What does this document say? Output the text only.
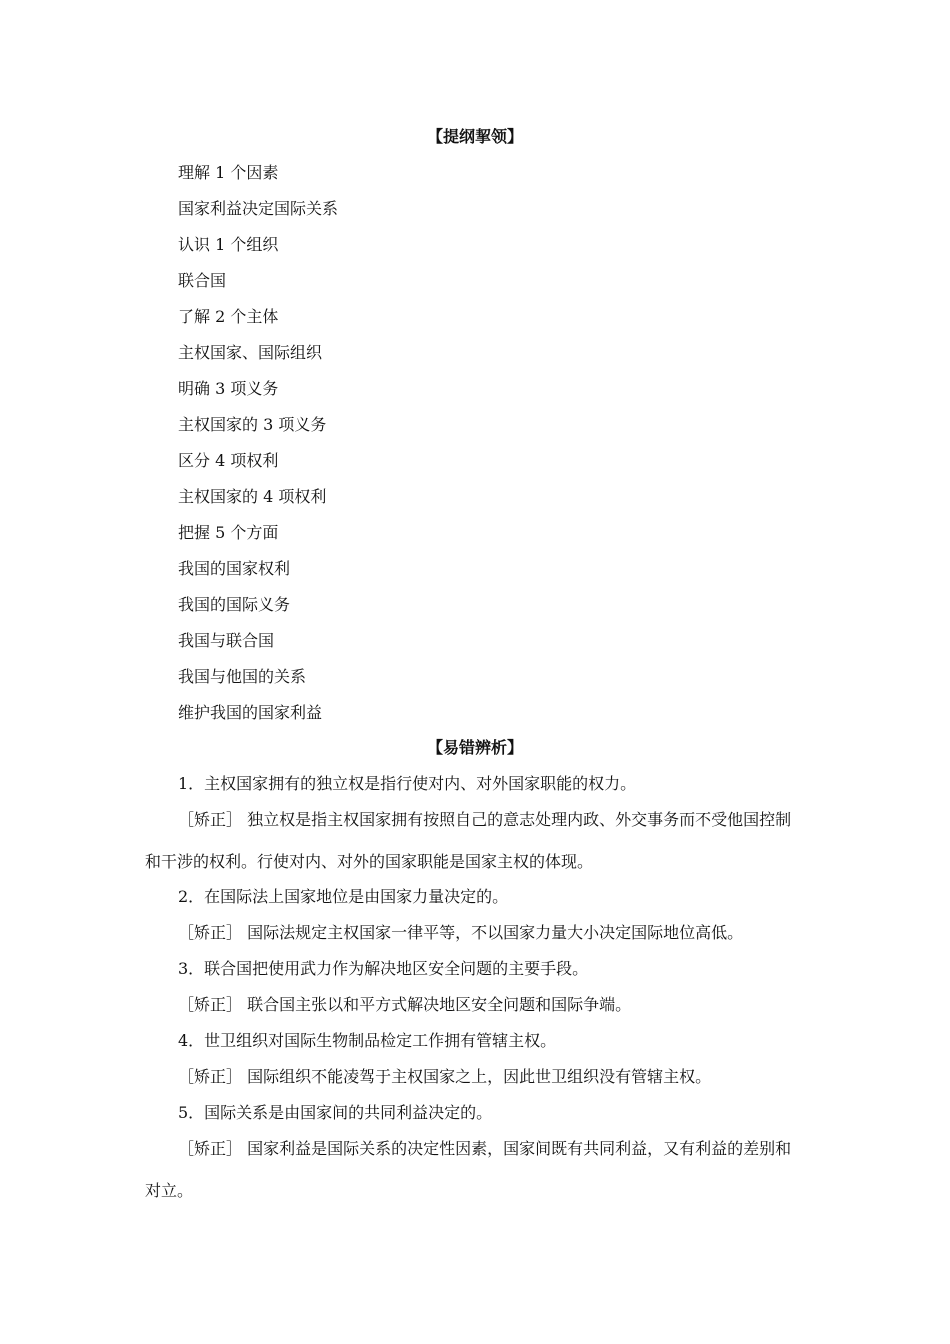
【提纲挈领】
理解 1 个因素
国家利益决定国际关系
认识 1 个组织
联合国
了解 2 个主体
主权国家、国际组织
明确 3 项义务
主权国家的 3 项义务
区分 4 项权利
主权国家的 4 项权利
把握 5 个方面
我国的国家权利
我国的国际义务
我国与联合国
我国与他国的关系
维护我国的国家利益
【易错辨析】
1．主权国家拥有的独立权是指行使对内、对外国家职能的权力。
［矫正］ 独立权是指主权国家拥有按照自己的意志处理内政、外交事务而不受他国控制
和干涉的权利。行使对内、对外的国家职能是国家主权的体现。
2．在国际法上国家地位是由国家力量决定的。
［矫正］ 国际法规定主权国家一律平等，不以国家力量大小决定国际地位高低。
3．联合国把使用武力作为解决地区安全问题的主要手段。
［矫正］ 联合国主张以和平方式解决地区安全问题和国际争端。
4．世卫组织对国际生物制品检定工作拥有管辖主权。
［矫正］ 国际组织不能凌驾于主权国家之上，因此世卫组织没有管辖主权。
5．国际关系是由国家间的共同利益决定的。
［矫正］ 国家利益是国际关系的决定性因素，国家间既有共同利益，又有利益的差别和
对立。
